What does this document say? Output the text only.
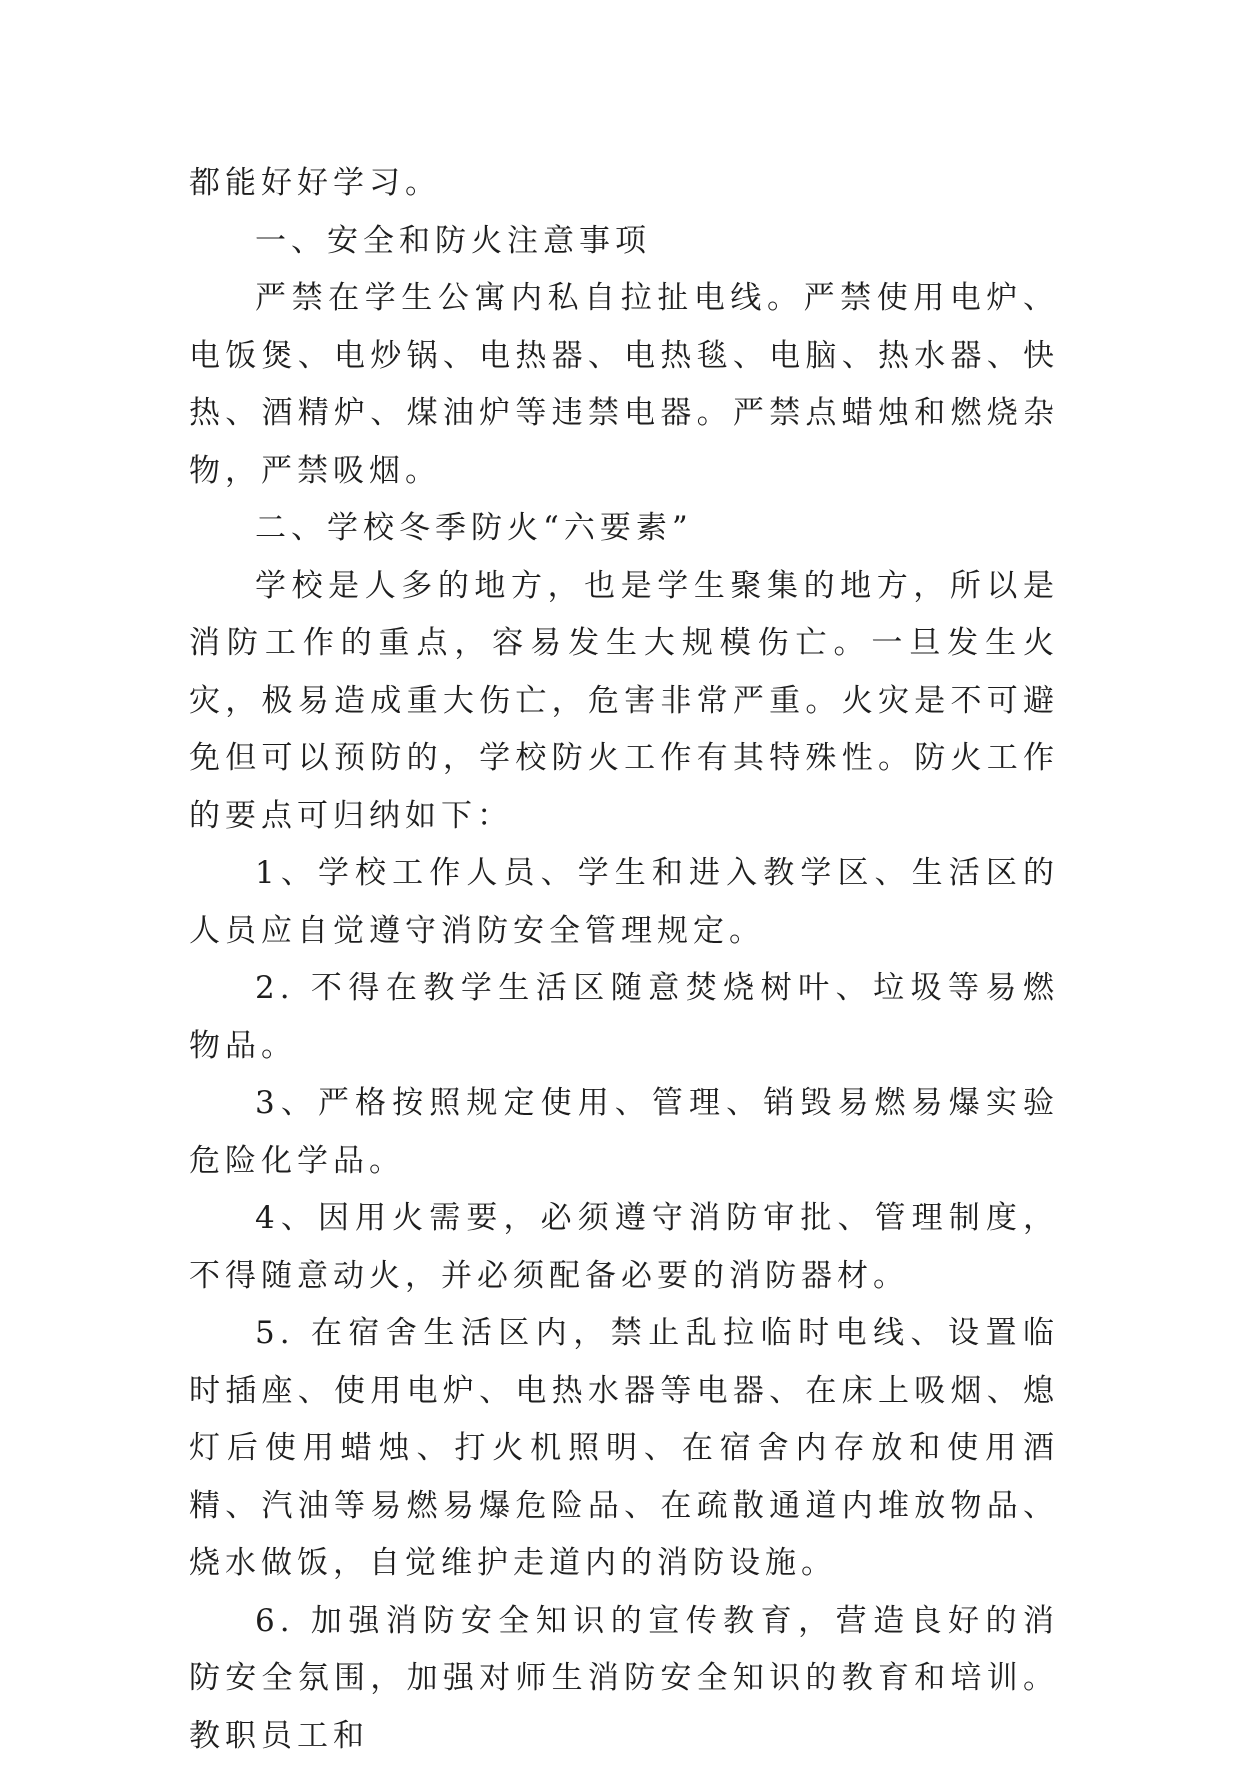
都能好好学习。

一、安全和防火注意事项

严禁在学生公寓内私自拉扯电线。严禁使用电炉、电饭煲、电炒锅、电热器、电热毯、电脑、热水器、快热、酒精炉、煤油炉等违禁电器。严禁点蜡烛和燃烧杂物，严禁吸烟。

二、学校冬季防火“六要素”

学校是人多的地方，也是学生聚集的地方，所以是消防工作的重点，容易发生大规模伤亡。一旦发生火灾，极易造成重大伤亡，危害非常严重。火灾是不可避免但可以预防的，学校防火工作有其特殊性。防火工作的要点可归纳如下：

1、学校工作人员、学生和进入教学区、生活区的人员应自觉遵守消防安全管理规定。

2. 不得在教学生活区随意焚烧树叶、垃圾等易燃物品。

3、严格按照规定使用、管理、销毁易燃易爆实验危险化学品。

4、因用火需要，必须遵守消防审批、管理制度，不得随意动火，并必须配备必要的消防器材。

5. 在宿舍生活区内，禁止乱拉临时电线、设置临时插座、使用电炉、电热水器等电器、在床上吸烟、熄灯后使用蜡烛、打火机照明、在宿舍内存放和使用酒精、汽油等易燃易爆危险品、在疏散通道内堆放物品、烧水做饭，自觉维护走道内的消防设施。

6. 加强消防安全知识的宣传教育，营造良好的消防安全氛围，加强对师生消防安全知识的教育和培训。教职员工和
